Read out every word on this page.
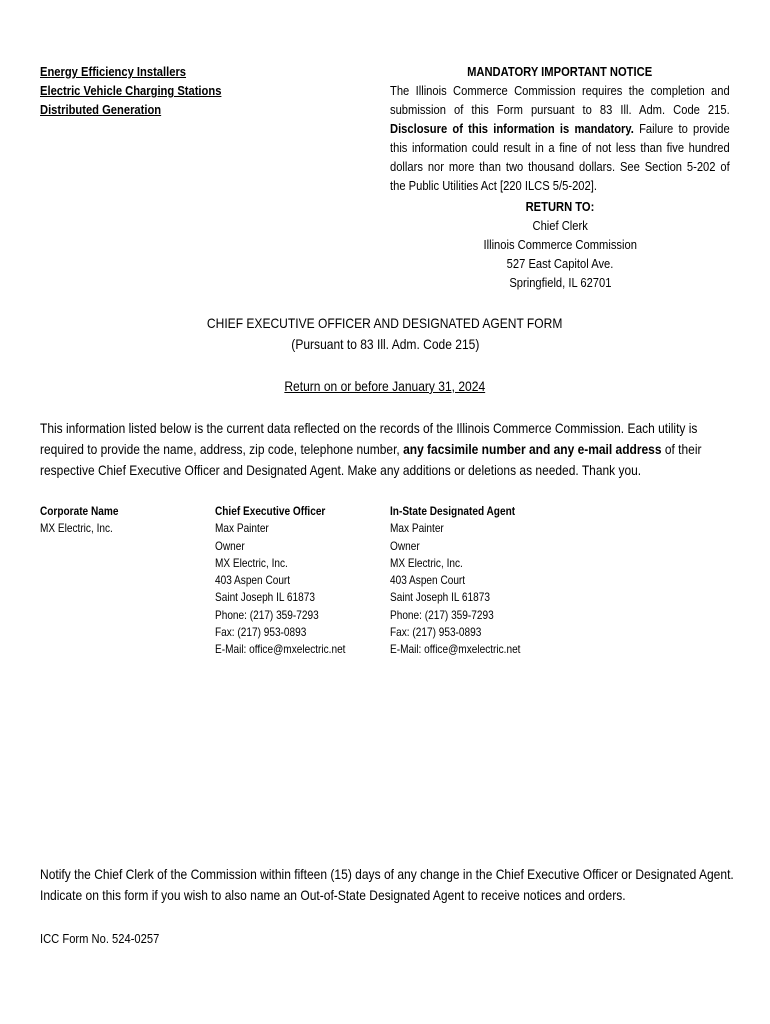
Energy Efficiency Installers
Electric Vehicle Charging Stations
Distributed Generation
MANDATORY IMPORTANT NOTICE
The Illinois Commerce Commission requires the completion and submission of this Form pursuant to 83 Ill. Adm. Code 215. Disclosure of this information is mandatory. Failure to provide this information could result in a fine of not less than five hundred dollars nor more than two thousand dollars. See Section 5-202 of the Public Utilities Act [220 ILCS 5/5-202].
RETURN TO:
Chief Clerk
Illinois Commerce Commission
527 East Capitol Ave.
Springfield, IL 62701
CHIEF EXECUTIVE OFFICER AND DESIGNATED AGENT FORM
(Pursuant to 83 Ill. Adm. Code 215)
Return on or before January 31, 2024
This information listed below is the current data reflected on the records of the Illinois Commerce Commission. Each utility is required to provide the name, address, zip code, telephone number, any facsimile number and any e-mail address of their respective Chief Executive Officer and Designated Agent. Make any additions or deletions as needed. Thank you.
Corporate Name
MX Electric, Inc.
Chief Executive Officer
Max Painter
Owner
MX Electric, Inc.
403 Aspen Court
Saint Joseph IL 61873
Phone: (217) 359-7293
Fax: (217) 953-0893
E-Mail: office@mxelectric.net
In-State Designated Agent
Max Painter
Owner
MX Electric, Inc.
403 Aspen Court
Saint Joseph IL 61873
Phone: (217) 359-7293
Fax: (217) 953-0893
E-Mail: office@mxelectric.net
Notify the Chief Clerk of the Commission within fifteen (15) days of any change in the Chief Executive Officer or Designated Agent.
Indicate on this form if you wish to also name an Out-of-State Designated Agent to receive notices and orders.
ICC Form No. 524-0257
